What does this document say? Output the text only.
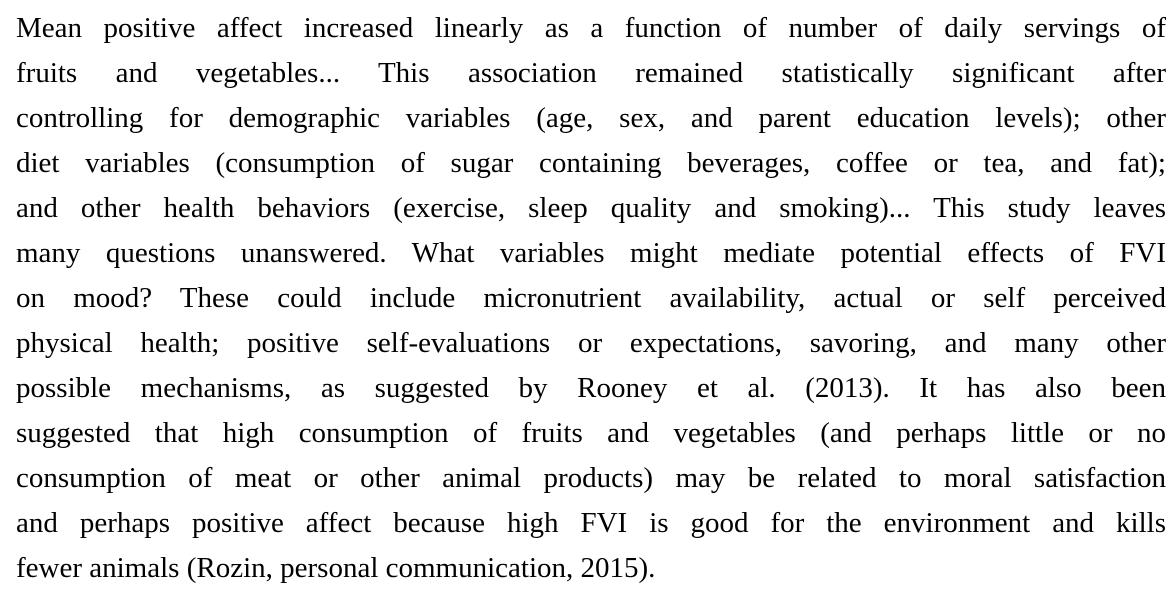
Mean positive affect increased linearly as a function of number of daily servings of
fruits and vegetables... This association remained statistically significant after
controlling for demographic variables (age, sex, and parent education levels); other
diet variables (consumption of sugar containing beverages, coffee or tea, and fat);
and other health behaviors (exercise, sleep quality and smoking)... This study leaves
many questions unanswered. What variables might mediate potential effects of FVI
on mood? These could include micronutrient availability, actual or self perceived
physical health; positive self-evaluations or expectations, savoring, and many other
possible mechanisms, as suggested by Rooney et al. (2013). It has also been
suggested that high consumption of fruits and vegetables (and perhaps little or no
consumption of meat or other animal products) may be related to moral satisfaction
and perhaps positive affect because high FVI is good for the environment and kills
fewer animals (Rozin, personal communication, 2015).
